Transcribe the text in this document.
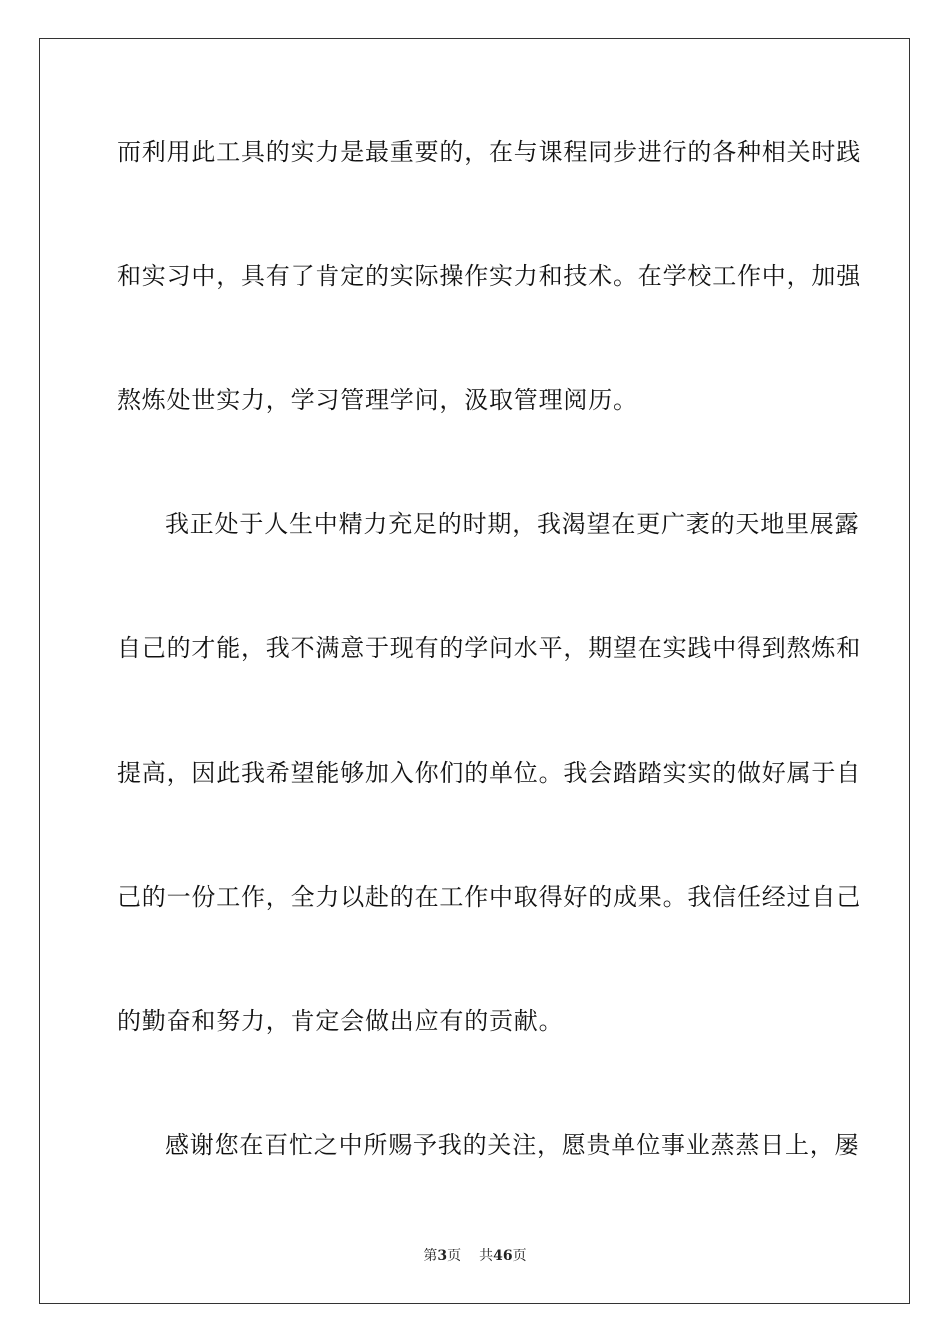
而利用此工具的实力是最重要的，在与课程同步进行的各种相关时践
和实习中，具有了肯定的实际操作实力和技术。在学校工作中，加强
熬炼处世实力，学习管理学问，汲取管理阅历。
我正处于人生中精力充足的时期，我渴望在更广袤的天地里展露
自己的才能，我不满意于现有的学问水平，期望在实践中得到熬炼和
提高，因此我希望能够加入你们的单位。我会踏踏实实的做好属于自
己的一份工作，全力以赴的在工作中取得好的成果。我信任经过自己
的勤奋和努力，肯定会做出应有的贡献。
感谢您在百忙之中所赐予我的关注，愿贵单位事业蒸蒸日上，屡
第3页 共46页
